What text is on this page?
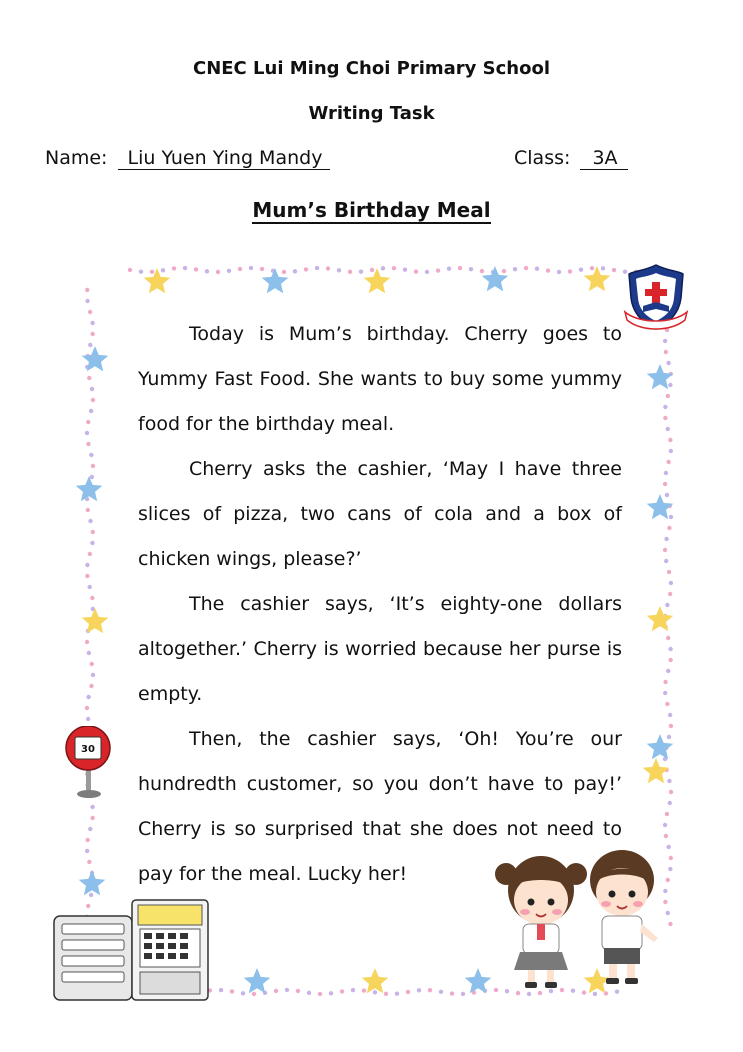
CNEC Lui Ming Choi Primary School
Writing Task
Name: Liu Yuen Ying Mandy	Class: 3A
Mum’s Birthday Meal

Today is Mum’s birthday. Cherry goes to Yummy Fast Food. She wants to buy some yummy food for the birthday meal.

Cherry asks the cashier, ‘May I have three slices of pizza, two cans of cola and a box of chicken wings, please?’

The cashier says, ‘It’s eighty-one dollars altogether.’ Cherry is worried because her purse is empty.

Then, the cashier says, ‘Oh! You’re our hundredth customer, so you don’t have to pay!’ Cherry is so surprised that she does not need to pay for the meal. Lucky her!

30
